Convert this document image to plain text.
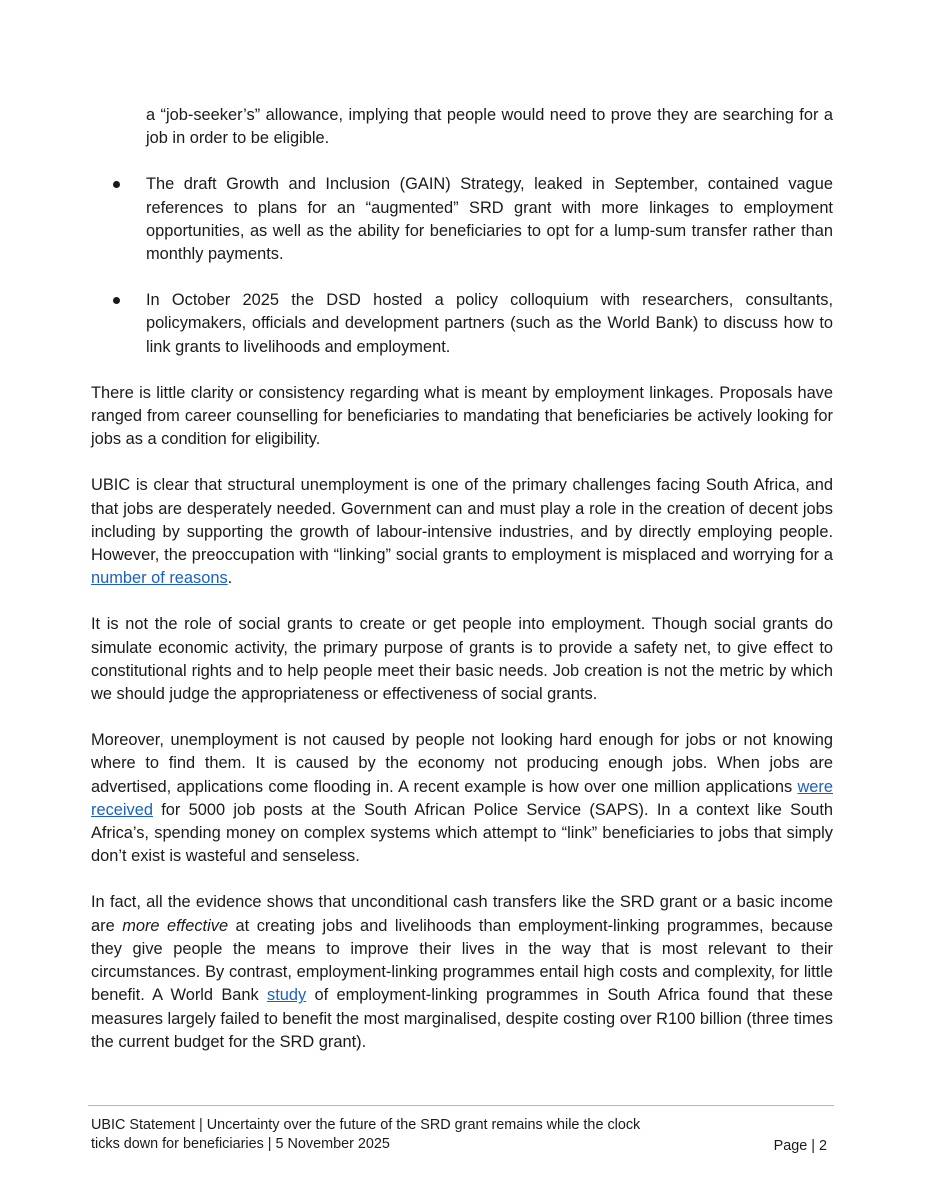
a “job-seeker’s” allowance, implying that people would need to prove they are searching for a job in order to be eligible.

The draft Growth and Inclusion (GAIN) Strategy, leaked in September, contained vague references to plans for an “augmented” SRD grant with more linkages to employment opportunities, as well as the ability for beneficiaries to opt for a lump-sum transfer rather than monthly payments.

In October 2025 the DSD hosted a policy colloquium with researchers, consultants, policymakers, officials and development partners (such as the World Bank) to discuss how to link grants to livelihoods and employment.

There is little clarity or consistency regarding what is meant by employment linkages. Proposals have ranged from career counselling for beneficiaries to mandating that beneficiaries be actively looking for jobs as a condition for eligibility.

UBIC is clear that structural unemployment is one of the primary challenges facing South Africa, and that jobs are desperately needed. Government can and must play a role in the creation of decent jobs including by supporting the growth of labour-intensive industries, and by directly employing people. However, the preoccupation with “linking” social grants to employment is misplaced and worrying for a number of reasons.

It is not the role of social grants to create or get people into employment. Though social grants do simulate economic activity, the primary purpose of grants is to provide a safety net, to give effect to constitutional rights and to help people meet their basic needs. Job creation is not the metric by which we should judge the appropriateness or effectiveness of social grants.

Moreover, unemployment is not caused by people not looking hard enough for jobs or not knowing where to find them. It is caused by the economy not producing enough jobs. When jobs are advertised, applications come flooding in. A recent example is how over one million applications were received for 5000 job posts at the South African Police Service (SAPS). In a context like South Africa’s, spending money on complex systems which attempt to “link” beneficiaries to jobs that simply don’t exist is wasteful and senseless.

In fact, all the evidence shows that unconditional cash transfers like the SRD grant or a basic income are more effective at creating jobs and livelihoods than employment-linking programmes, because they give people the means to improve their lives in the way that is most relevant to their circumstances. By contrast, employment-linking programmes entail high costs and complexity, for little benefit. A World Bank study of employment-linking programmes in South Africa found that these measures largely failed to benefit the most marginalised, despite costing over R100 billion (three times the current budget for the SRD grant).

UBIC Statement | Uncertainty over the future of the SRD grant remains while the clock
ticks down for beneficiaries | 5 November 2025	Page | 2
